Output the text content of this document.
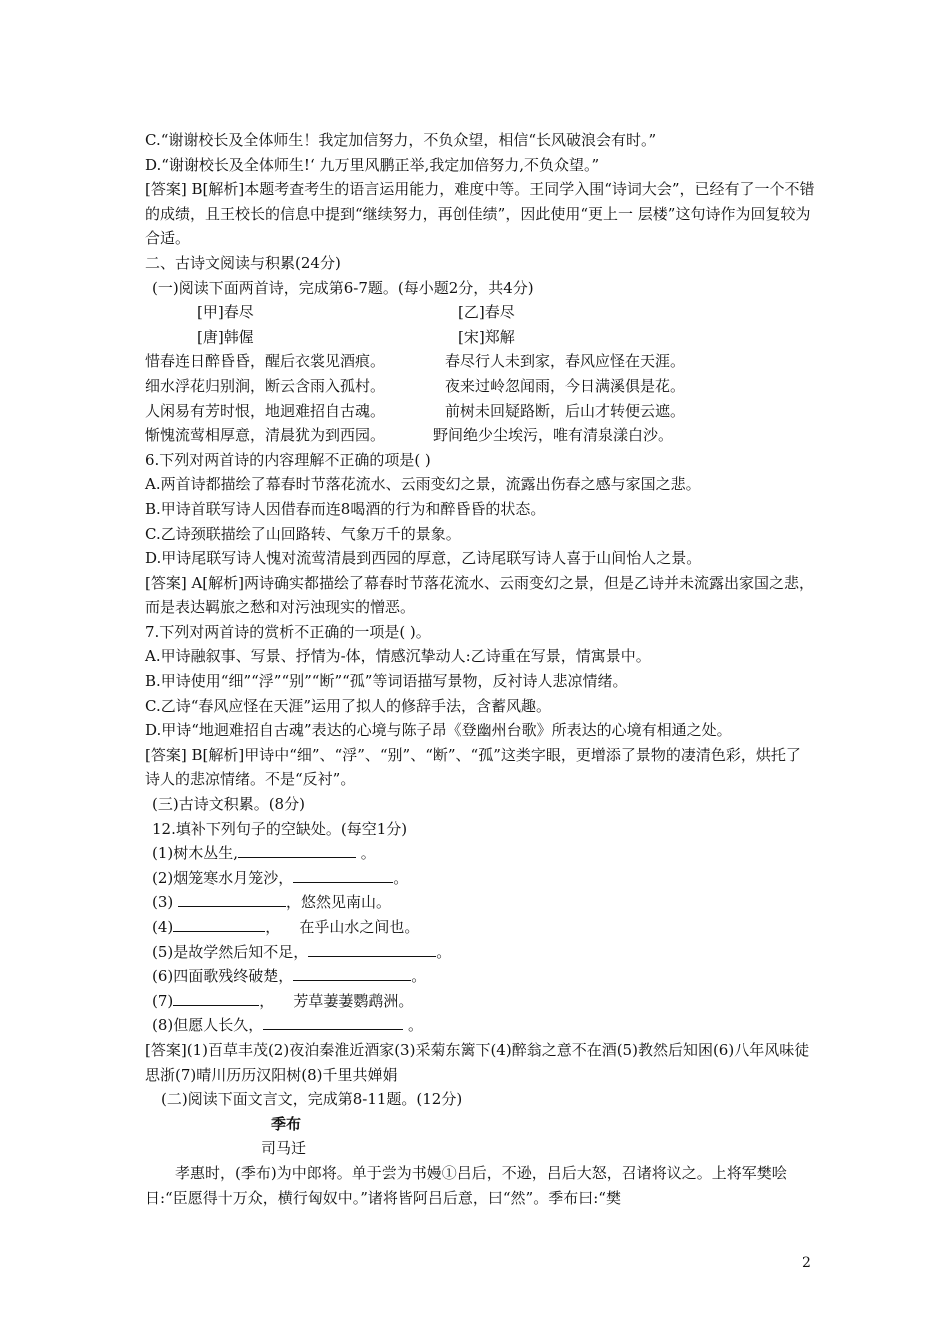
C.“谢谢校长及全体师生！我定加信努力，不负众望，相信“长风破浪会有时。”
D.“谢谢校长及全体师生!‘ 九万里风鹏正举,我定加倍努力,不负众望。”
[答案] B[解析]本题考查考生的语言运用能力，难度中等。王同学入围“诗词大会”，已经有了一个不错的成绩，且王校长的信息中提到“继续努力，再创佳绩”，因此使用“更上一 层楼”这句诗作为回复较为合适。
二、古诗文阅读与积累(24分)
(一)阅读下面两首诗，完成第6-7题。(每小题2分，共4分)
[甲]春尽	[乙]春尽
[唐]韩偓	[宋]郑解
惜春连日醉昏昏，醒后衣裳见酒痕。	春尽行人未到家，春风应怪在天涯。
细水浮花归别涧，断云含雨入孤村。	夜来过岭忽闻雨，今日满溪俱是花。
人闲易有芳时恨，地迥难招自古魂。	前树未回疑路断，后山才转便云遮。
惭愧流莺相厚意，清晨犹为到西园。	野间绝少尘埃污，唯有清泉漾白沙。
6.下列对两首诗的内容理解不正确的项是( )
A.两首诗都描绘了幕春时节落花流水、云雨变幻之景，流露出伤春之感与家国之悲。
B.甲诗首联写诗人因借春而连8喝酒的行为和醉昏昏的状态。
C.乙诗颈联描绘了山回路转、气象万千的景象。
D.甲诗尾联写诗人愧对流莺清晨到西园的厚意，乙诗尾联写诗人喜于山间怡人之景。
[答案] A[解析]两诗确实都描绘了幕春时节落花流水、云雨变幻之景，但是乙诗并未流露出家国之悲，而是表达羁旅之愁和对污浊现实的憎恶。
7.下列对两首诗的赏析不正确的一项是( )。
A.甲诗融叙事、写景、抒情为-体，情感沉挚动人:乙诗重在写景，情寓景中。
B.甲诗使用“细”“浮”“别”“断”“孤”等词语描写景物，反衬诗人悲凉情绪。
C.乙诗“春风应怪在天涯”运用了拟人的修辞手法，含蓄风趣。
D.甲诗“地迥难招自古魂”表达的心境与陈子昂《登幽州台歌》所表达的心境有相通之处。
[答案] B[解析]甲诗中“细”、“浮”、“别”、“断”、“孤”这类字眼，更增添了景物的凄清色彩，烘托了诗人的悲凉情绪。不是“反衬”。
(三)古诗文积累。(8分)
12.填补下列句子的空缺处。(每空1分)
(1)树木丛生,	。
(2)烟笼寒水月笼沙，	。
(3)	，悠然见南山。
(4)	，    在乎山水之间也。
(5)是故学然后知不足，	。
(6)四面歌残终破楚，	。
(7)	，    芳草萋萋鹦鹉洲。
(8)但愿人长久，	。
[答案](1)百草丰茂(2)夜泊秦淮近酒家(3)采菊东篱下(4)醉翁之意不在酒(5)教然后知困(6)八年风味徒思浙(7)晴川历历汉阳树(8)千里共婵娟
(二)阅读下面文言文，完成第8-11题。(12分)
季布
司马迁
孝惠时，(季布)为中郎将。单于尝为书嫚①吕后，不逊，吕后大怒，召诸将议之。上将军樊哙日:“臣愿得十万众，横行匈奴中。”诸将皆阿吕后意，曰“然”。季布曰:“樊
2
